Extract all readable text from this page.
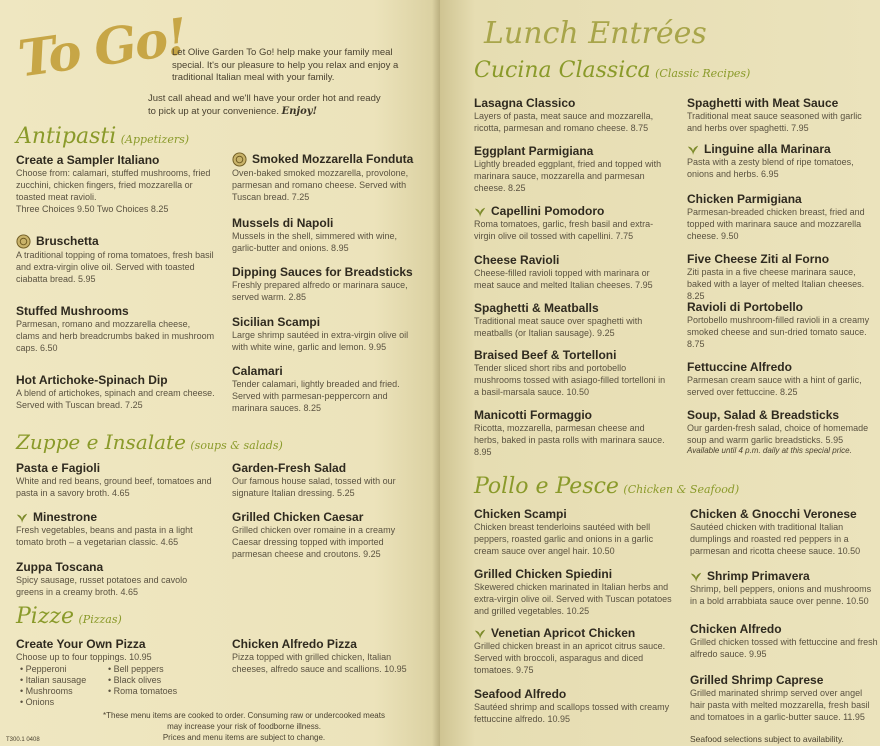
To Go!
Let Olive Garden To Go! help make your family meal special. It's our pleasure to help you relax and enjoy a traditional Italian meal with your family.
Just call ahead and we'll have your order hot and ready to pick up at your convenience. Enjoy!
Antipasti (Appetizers)
Create a Sampler Italiano
Choose from: calamari, stuffed mushrooms, fried zucchini, chicken fingers, fried mozzarella or toasted meat ravioli.
Three Choices 9.50 Two Choices 8.25
Bruschetta
A traditional topping of roma tomatoes, fresh basil and extra-virgin olive oil. Served with toasted ciabatta bread. 5.95
Stuffed Mushrooms
Parmesan, romano and mozzarella cheese, clams and herb breadcrumbs baked in mushroom caps. 6.50
Hot Artichoke-Spinach Dip
A blend of artichokes, spinach and cream cheese. Served with Tuscan bread. 7.25
Smoked Mozzarella Fonduta
Oven-baked smoked mozzarella, provolone, parmesan and romano cheese. Served with Tuscan bread. 7.25
Mussels di Napoli
Mussels in the shell, simmered with wine, garlic-butter and onions. 8.95
Dipping Sauces for Breadsticks
Freshly prepared alfredo or marinara sauce, served warm. 2.85
Sicilian Scampi
Large shrimp sautéed in extra-virgin olive oil with white wine, garlic and lemon. 9.95
Calamari
Tender calamari, lightly breaded and fried. Served with parmesan-peppercorn and marinara sauces. 8.25
Zuppe e Insalate (soups & salads)
Pasta e Fagioli
White and red beans, ground beef, tomatoes and pasta in a savory broth. 4.65
Minestrone
Fresh vegetables, beans and pasta in a light tomato broth – a vegetarian classic. 4.65
Zuppa Toscana
Spicy sausage, russet potatoes and cavolo greens in a creamy broth. 4.65
Garden-Fresh Salad
Our famous house salad, tossed with our signature Italian dressing. 5.25
Grilled Chicken Caesar
Grilled chicken over romaine in a creamy Caesar dressing topped with imported parmesan cheese and croutons. 9.25
Pizze (Pizzas)
Create Your Own Pizza
Choose up to four toppings. 10.95
• Pepperoni
• Italian sausage
• Mushrooms
• Onions
• Bell peppers
• Black olives
• Roma tomatoes
Chicken Alfredo Pizza
Pizza topped with grilled chicken, Italian cheeses, alfredo sauce and scallions. 10.95
*These menu items are cooked to order. Consuming raw or undercooked meats
may increase your risk of foodborne illness.
Prices and menu items are subject to change.
T300.1 0408
Lunch Entrées
Cucina Classica (Classic Recipes)
Lasagna Classico
Layers of pasta, meat sauce and mozzarella, ricotta, parmesan and romano cheese. 8.75
Eggplant Parmigiana
Lightly breaded eggplant, fried and topped with marinara sauce, mozzarella and parmesan cheese. 8.25
Capellini Pomodoro
Roma tomatoes, garlic, fresh basil and extra-virgin olive oil tossed with capellini. 7.75
Cheese Ravioli
Cheese-filled ravioli topped with marinara or meat sauce and melted Italian cheeses. 7.95
Spaghetti & Meatballs
Traditional meat sauce over spaghetti with meatballs (or Italian sausage). 9.25
Braised Beef & Tortelloni
Tender sliced short ribs and portobello mushrooms tossed with asiago-filled tortelloni in a basil-marsala sauce. 10.50
Manicotti Formaggio
Ricotta, mozzarella, parmesan cheese and herbs, baked in pasta rolls with marinara sauce. 8.95
Spaghetti with Meat Sauce
Traditional meat sauce seasoned with garlic and herbs over spaghetti. 7.95
Linguine alla Marinara
Pasta with a zesty blend of ripe tomatoes, onions and herbs. 6.95
Chicken Parmigiana
Parmesan-breaded chicken breast, fried and topped with marinara sauce and mozzarella cheese. 9.50
Five Cheese Ziti al Forno
Ziti pasta in a five cheese marinara sauce, baked with a layer of melted Italian cheeses. 8.25
Ravioli di Portobello
Portobello mushroom-filled ravioli in a creamy smoked cheese and sun-dried tomato sauce. 8.75
Fettuccine Alfredo
Parmesan cream sauce with a hint of garlic, served over fettuccine. 8.25
Soup, Salad & Breadsticks
Our garden-fresh salad, choice of homemade soup and warm garlic breadsticks. 5.95
Available until 4 p.m. daily at this special price.
Pollo e Pesce (Chicken & Seafood)
Chicken Scampi
Chicken breast tenderloins sautéed with bell peppers, roasted garlic and onions in a garlic cream sauce over angel hair. 10.50
Grilled Chicken Spiedini
Skewered chicken marinated in Italian herbs and extra-virgin olive oil. Served with Tuscan potatoes and grilled vegetables. 10.25
Venetian Apricot Chicken
Grilled chicken breast in an apricot citrus sauce. Served with broccoli, asparagus and diced tomatoes. 9.75
Seafood Alfredo
Sautéed shrimp and scallops tossed with creamy fettuccine alfredo. 10.95
Chicken & Gnocchi Veronese
Sautéed chicken with traditional Italian dumplings and roasted red peppers in a parmesan and ricotta cheese sauce. 10.50
Shrimp Primavera
Shrimp, bell peppers, onions and mushrooms in a bold arrabbiata sauce over penne. 10.50
Chicken Alfredo
Grilled chicken tossed with fettuccine and fresh alfredo sauce. 9.95
Grilled Shrimp Caprese
Grilled marinated shrimp served over angel hair pasta with melted mozzarella, fresh basil and tomatoes in a garlic-butter sauce. 11.95
Seafood selections subject to availability.
